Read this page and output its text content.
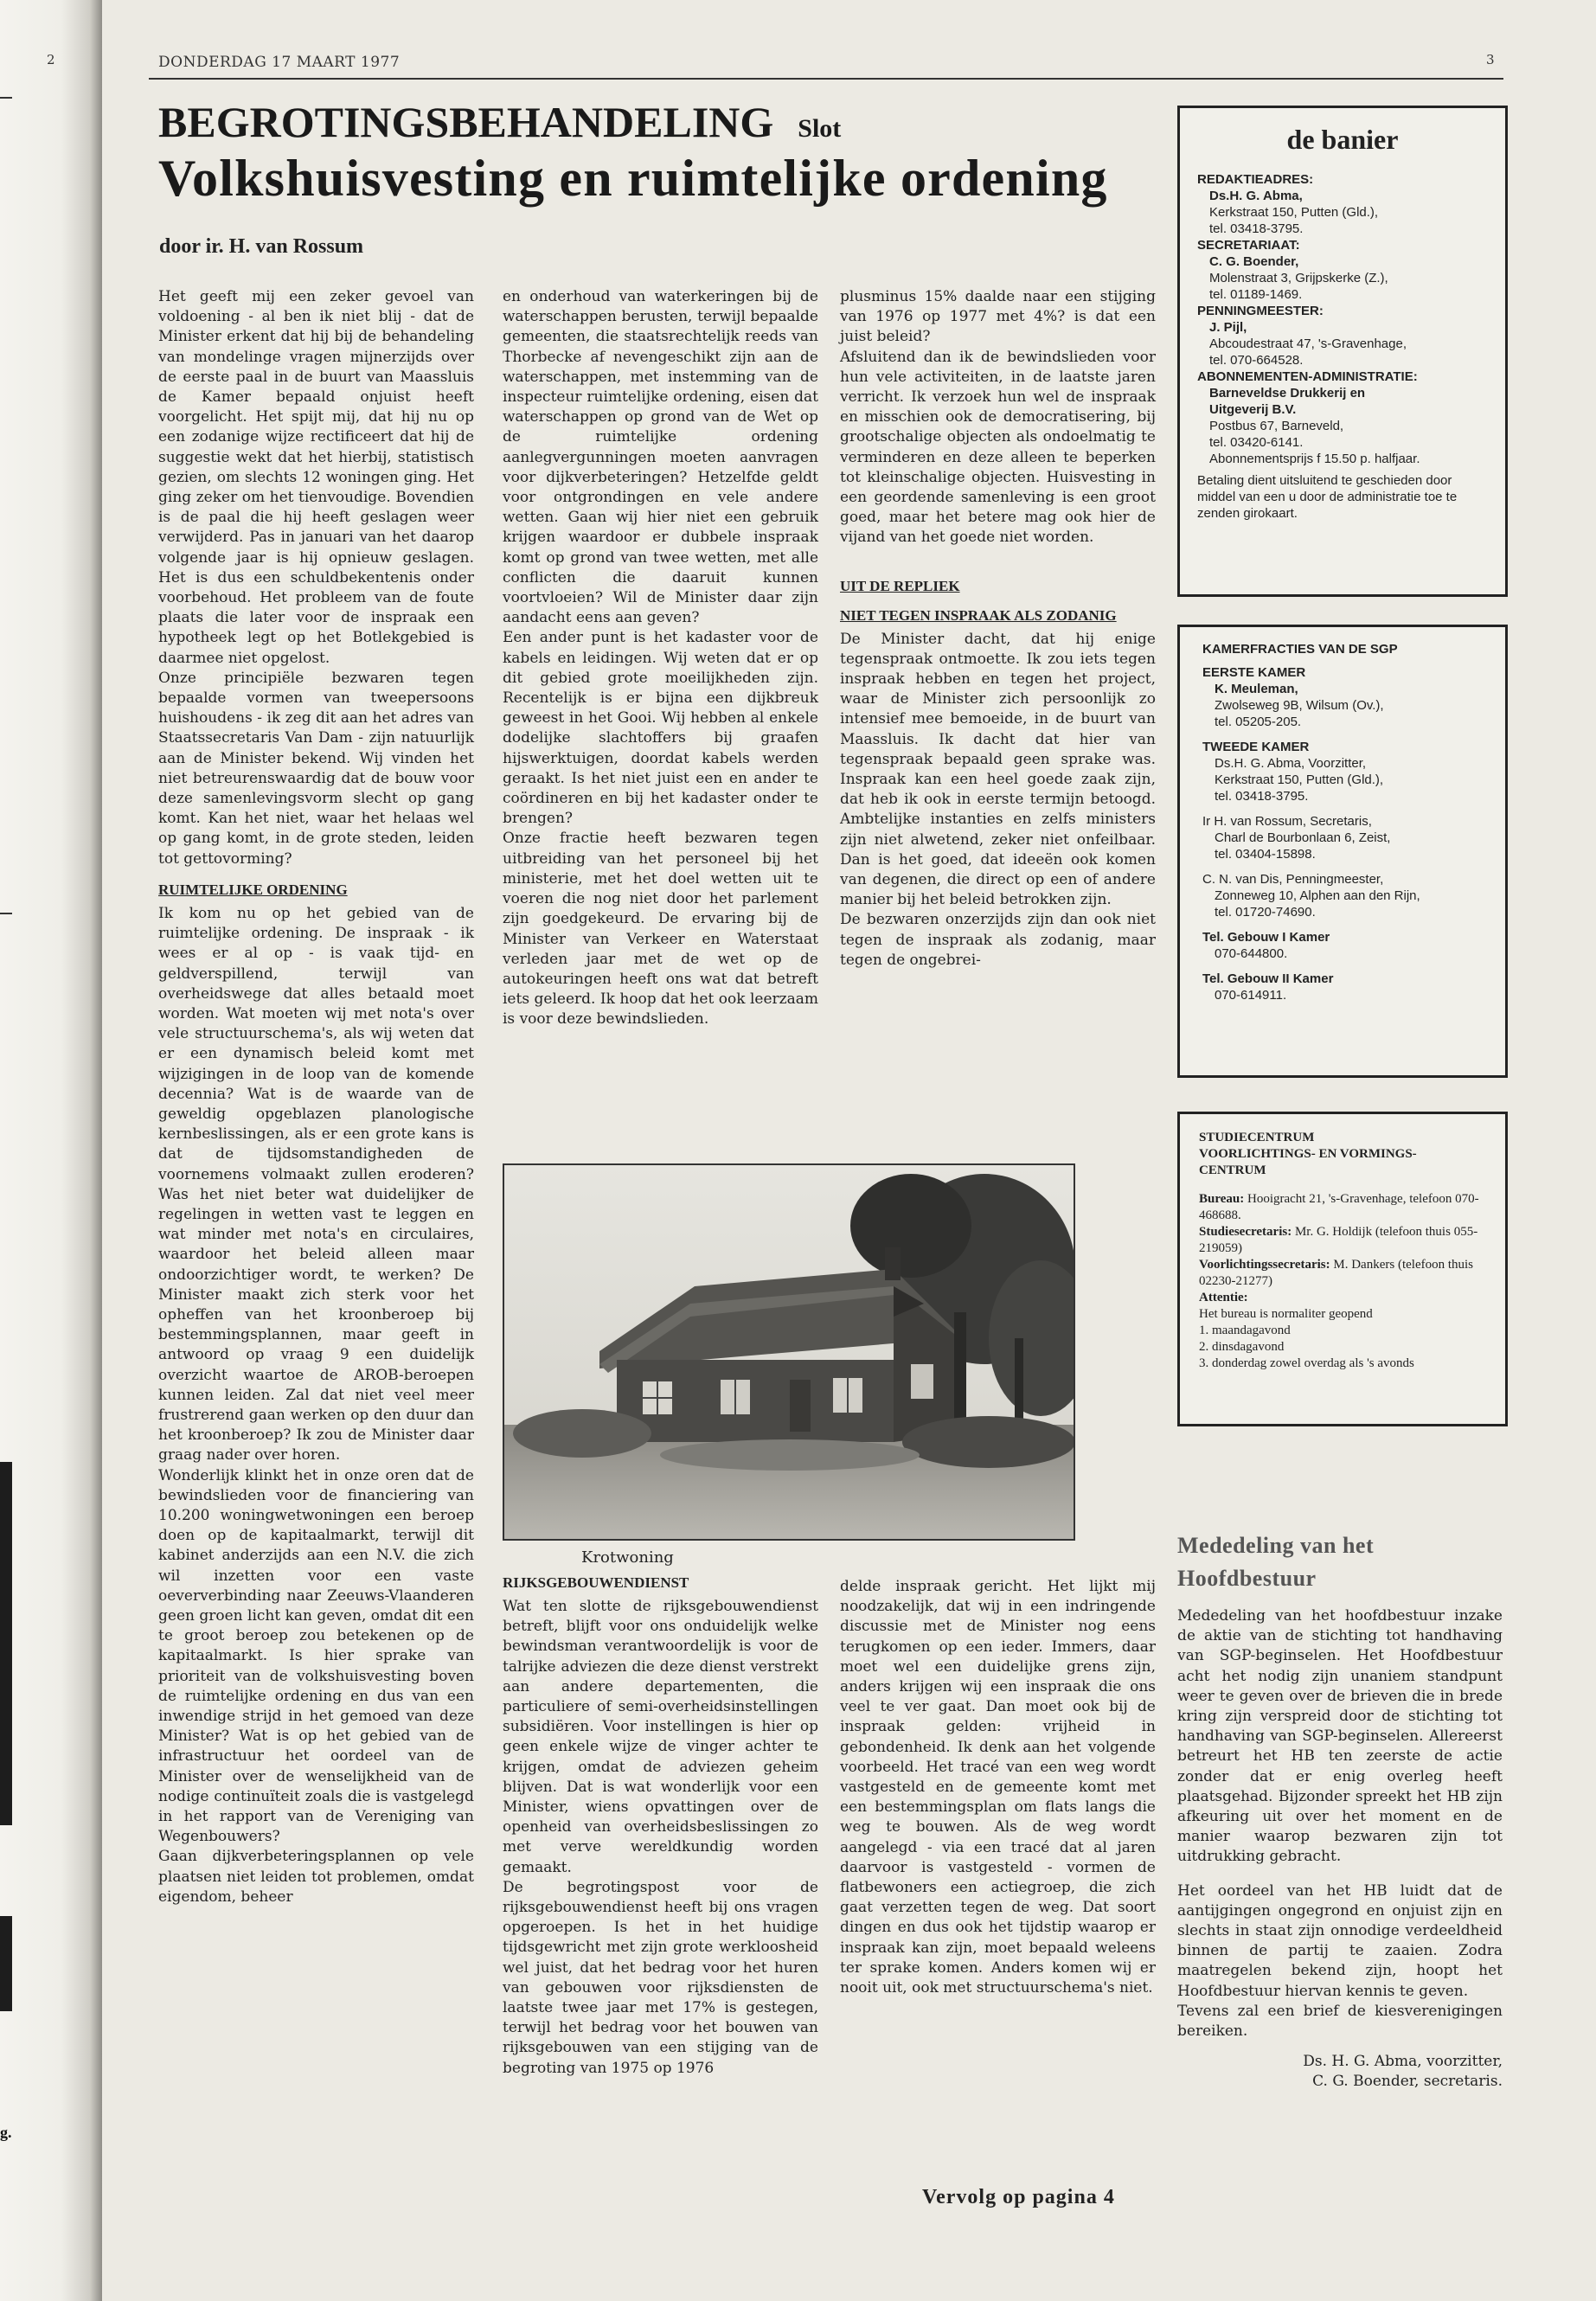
g.
2	3
DONDERDAG 17 MAART 1977
BEGROTINGSBEHANDELING Slot
Volkshuisvesting en ruimtelijke ordening
door ir. H. van Rossum

Het geeft mij een zeker gevoel van voldoening - al ben ik niet blij - dat de Minister erkent dat hij bij de behandeling van mondelinge vragen mijnerzijds over de eerste paal in de buurt van Maassluis de Kamer bepaald onjuist heeft voorgelicht. Het spijt mij, dat hij nu op een zodanige wijze rectificeert dat hij de suggestie wekt dat het hierbij, statistisch gezien, om slechts 12 woningen ging. Het ging zeker om het tienvoudige. Bovendien is de paal die hij heeft geslagen weer verwijderd. Pas in januari van het daarop volgende jaar is hij opnieuw geslagen. Het is dus een schuldbekentenis onder voorbehoud. Het probleem van de foute plaats die later voor de inspraak een hypotheek legt op het Botlekgebied is daarmee niet opgelost.

Onze principiële bezwaren tegen bepaalde vormen van tweepersoons huishoudens - ik zeg dit aan het adres van Staatssecretaris Van Dam - zijn natuurlijk aan de Minister bekend. Wij vinden het niet betreurenswaardig dat de bouw voor deze samenlevingsvorm slecht op gang komt. Kan het niet, waar het helaas wel op gang komt, in de grote steden, leiden tot gettovorming?

RUIMTELIJKE ORDENING

Ik kom nu op het gebied van de ruimtelijke ordening. De inspraak - ik wees er al op - is vaak tijd- en geldverspillend, terwijl van overheidswege dat alles betaald moet worden. Wat moeten wij met nota's over vele structuurschema's, als wij weten dat er een dynamisch beleid komt met wijzigingen in de loop van de komende decennia? Wat is de waarde van de geweldig opgeblazen planologische kernbeslissingen, als er een grote kans is dat de tijdsomstandigheden de voornemens volmaakt zullen eroderen? Was het niet beter wat duidelijker de regelingen in wetten vast te leggen en wat minder met nota's en circulaires, waardoor het beleid alleen maar ondoorzichtiger wordt, te werken? De Minister maakt zich sterk voor het opheffen van het kroonberoep bij bestemmingsplannen, maar geeft in antwoord op vraag 9 een duidelijk overzicht waartoe de AROB-beroepen kunnen leiden. Zal dat niet veel meer frustrerend gaan werken op den duur dan het kroonberoep? Ik zou de Minister daar graag nader over horen.

Wonderlijk klinkt het in onze oren dat de bewindslieden voor de financiering van 10.200 woningwetwoningen een beroep doen op de kapitaalmarkt, terwijl dit kabinet anderzijds aan een N.V. die zich wil inzetten voor een vaste oeververbinding naar Zeeuws-Vlaanderen geen groen licht kan geven, omdat dit een te groot beroep zou betekenen op de kapitaalmarkt. Is hier sprake van prioriteit van de volkshuisvesting boven de ruimtelijke ordening en dus van een inwendige strijd in het gemoed van deze Minister? Wat is op het gebied van de infrastructuur het oordeel van de Minister over de wenselijkheid van de nodige continuïteit zoals die is vastgelegd in het rapport van de Vereniging van Wegenbouwers?

Gaan dijkverbeteringsplannen op vele plaatsen niet leiden tot problemen, omdat eigendom, beheer

en onderhoud van waterkeringen bij de waterschappen berusten, terwijl bepaalde gemeenten, die staatsrechtelijk reeds van Thorbecke af nevengeschikt zijn aan de waterschappen, met instemming van de inspecteur ruimtelijke ordening, eisen dat waterschappen op grond van de Wet op de ruimtelijke ordening aanlegvergunningen moeten aanvragen voor dijkverbeteringen? Hetzelfde geldt voor ontgrondingen en vele andere wetten. Gaan wij hier niet een gebruik krijgen waardoor er dubbele inspraak komt op grond van twee wetten, met alle conflicten die daaruit kunnen voortvloeien? Wil de Minister daar zijn aandacht eens aan geven?

Een ander punt is het kadaster voor de kabels en leidingen. Wij weten dat er op dit gebied grote moeilijkheden zijn. Recentelijk is er bijna een dijkbreuk geweest in het Gooi. Wij hebben al enkele dodelijke slachtoffers bij graafen hijswerktuigen, doordat kabels werden geraakt. Is het niet juist een en ander te coördineren en bij het kadaster onder te brengen?

Onze fractie heeft bezwaren tegen uitbreiding van het personeel bij het ministerie, met het doel wetten uit te voeren die nog niet door het parlement zijn goedgekeurd. De ervaring bij de Minister van Verkeer en Waterstaat verleden jaar met de wet op de autokeuringen heeft ons wat dat betreft iets geleerd. Ik hoop dat het ook leerzaam is voor deze bewindslieden.

plusminus 15% daalde naar een stijging van 1976 op 1977 met 4%? is dat een juist beleid?

Afsluitend dan ik de bewindslieden voor hun vele activiteiten, in de laatste jaren verricht. Ik verzoek hun wel de inspraak en misschien ook de democratisering, bij grootschalige objecten als ondoelmatig te verminderen en deze alleen te beperken tot kleinschalige objecten. Huisvesting in een geordende samenleving is een groot goed, maar het betere mag ook hier de vijand van het goede niet worden.

UIT DE REPLIEK
NIET TEGEN INSPRAAK ALS ZODANIG

De Minister dacht, dat hij enige tegenspraak ontmoette. Ik zou iets tegen inspraak hebben en tegen het project, waar de Minister zich persoonlijk zo intensief mee bemoeide, in de buurt van Maassluis. Ik dacht dat hier van tegenspraak bepaald geen sprake was. Inspraak kan een heel goede zaak zijn, dat heb ik ook in eerste termijn betoogd. Ambtelijke instanties en zelfs ministers zijn niet alwetend, zeker niet onfeilbaar. Dan is het goed, dat ideeën ook komen van degenen, die direct op een of andere manier bij het beleid betrokken zijn.

De bezwaren onzerzijds zijn dan ook niet tegen de inspraak als zodanig, maar tegen de ongebrei-

Krotwoning
RIJKSGEBOUWENDIENST

Wat ten slotte de rijksgebouwendienst betreft, blijft voor ons onduidelijk welke bewindsman verantwoordelijk is voor de talrijke adviezen die deze dienst verstrekt aan andere departementen, die particuliere of semi-overheidsinstellingen subsidiëren. Voor instellingen is hier op geen enkele wijze de vinger achter te krijgen, omdat de adviezen geheim blijven. Dat is wat wonderlijk voor een Minister, wiens opvattingen over de openheid van overheidsbeslissingen zo met verve wereldkundig worden gemaakt.

De begrotingspost voor de rijksgebouwendienst heeft bij ons vragen opgeroepen. Is het in het huidige tijdsgewricht met zijn grote werkloosheid wel juist, dat het bedrag voor het huren van gebouwen voor rijksdiensten de laatste twee jaar met 17% is gestegen, terwijl het bedrag voor het bouwen van rijksgebouwen van een stijging van de begroting van 1975 op 1976

delde inspraak gericht. Het lijkt mij noodzakelijk, dat wij in een indringende discussie met de Minister nog eens terugkomen op een ieder. Immers, daar moet wel een duidelijke grens zijn, anders krijgen wij een inspraak die ons veel te ver gaat. Dan moet ook bij de inspraak gelden: vrijheid in gebondenheid. Ik denk aan het volgende voorbeeld. Het tracé van een weg wordt vastgesteld en de gemeente komt met een bestemmingsplan om flats langs die weg te bouwen. Als de weg wordt aangelegd - via een tracé dat al jaren daarvoor is vastgesteld - vormen de flatbewoners een actiegroep, die zich gaat verzetten tegen de weg. Dat soort dingen en dus ook het tijdstip waarop er inspraak kan zijn, moet bepaald weleens ter sprake komen. Anders komen wij er nooit uit, ook met structuurschema's niet.

Vervolg op pagina 4
de banier
REDAKTIEADRES:
Ds.H. G. Abma,
Kerkstraat 150, Putten (Gld.),
tel. 03418-3795.
SECRETARIAAT:
C. G. Boender,
Molenstraat 3, Grijpskerke (Z.),
tel. 01189-1469.
PENNINGMEESTER:
J. Pijl,
Abcoudestraat 47, 's-Gravenhage,
tel. 070-664528.
ABONNEMENTEN-ADMINISTRATIE:
Barneveldse Drukkerij en
Uitgeverij B.V.
Postbus 67, Barneveld,
tel. 03420-6141.
Abonnementsprijs f 15.50 p. halfjaar.
Betaling dient uitsluitend te geschieden door middel van een u door de administratie toe te zenden girokaart.
KAMERFRACTIES VAN DE SGP
EERSTE KAMER
K. Meuleman,
Zwolseweg 9B, Wilsum (Ov.),
tel. 05205-205.
TWEEDE KAMER
Ds.H. G. Abma, Voorzitter,
Kerkstraat 150, Putten (Gld.),
tel. 03418-3795.
Ir H. van Rossum, Secretaris,
Charl de Bourbonlaan 6, Zeist,
tel. 03404-15898.
C. N. van Dis, Penningmeester,
Zonneweg 10, Alphen aan den Rijn,
tel. 01720-74690.
Tel. Gebouw I Kamer
070-644800.
Tel. Gebouw II Kamer
070-614911.
STUDIECENTRUM
VOORLICHTINGS- EN VORMINGS-
CENTRUM
Bureau: Hooigracht 21, 's-Gravenhage, telefoon 070-468688.
Studiesecretaris: Mr. G. Holdijk (telefoon thuis 055-219059)
Voorlichtingssecretaris: M. Dankers (telefoon thuis 02230-21277)
Attentie:
Het bureau is normaliter geopend
1. maandagavond
2. dinsdagavond
3. donderdag zowel overdag als 's avonds
Mededeling van het
Hoofdbestuur

Mededeling van het hoofdbestuur inzake de aktie van de stichting tot handhaving van SGP-beginselen. Het Hoofdbestuur acht het nodig zijn unaniem standpunt weer te geven over de brieven die in brede kring zijn verspreid door de stichting tot handhaving van SGP-beginselen. Allereerst betreurt het HB ten zeerste de actie zonder dat er enig overleg heeft plaatsgehad. Bijzonder spreekt het HB zijn afkeuring uit over het moment en de manier waarop bezwaren zijn tot uitdrukking gebracht.

Het oordeel van het HB luidt dat de aantijgingen ongegrond en onjuist zijn en slechts in staat zijn onnodige verdeeldheid binnen de partij te zaaien. Zodra maatregelen bekend zijn, hoopt het Hoofdbestuur hiervan kennis te geven.

Tevens zal een brief de kiesverenigingen bereiken.

Ds. H. G. Abma, voorzitter,

C. G. Boender, secretaris.
